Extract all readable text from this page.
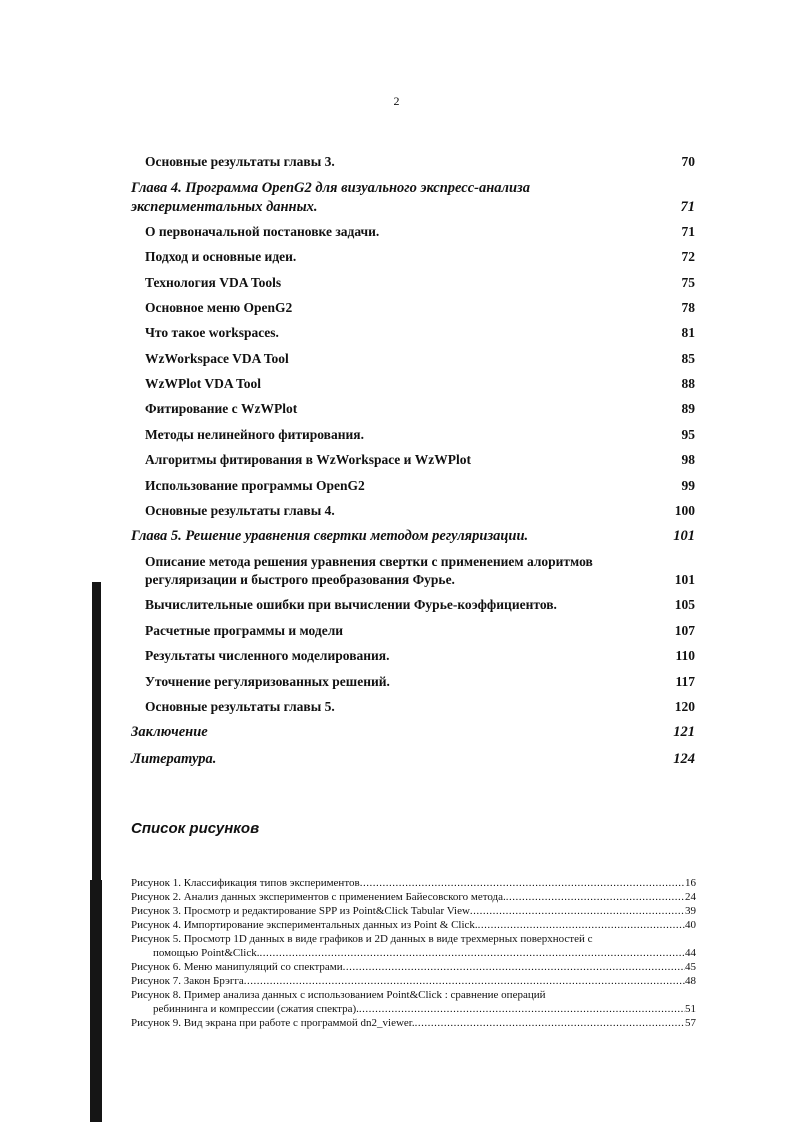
2
Основные результаты главы 3.	70
Глава 4. Программа OpenG2 для визуального экспресс-анализа
экспериментальных данных.	71
О первоначальной постановке задачи.	71
Подход и основные идеи.	72
Технология VDA Tools	75
Основное меню OpenG2	78
Что такое workspaces.	81
WzWorkspace VDA Tool	85
WzWPlot VDA Tool	88
Фитирование с WzWPlot	89
Методы нелинейного фитирования.	95
Алгоритмы фитирования в WzWorkspace и WzWPlot	98
Использование программы OpenG2	99
Основные результаты главы 4.	100
Глава 5. Решение уравнения свертки методом регуляризации.	101
Описание метода решения уравнения свертки с применением алоритмов
регуляризации и быстрого преобразования Фурье.	101
Вычислительные ошибки при вычислении Фурье-коэффициентов.	105
Расчетные программы и модели	107
Результаты численного моделирования.	110
Уточнение регуляризованных решений.	117
Основные результаты главы 5.	120
Заключение	121
Литература.	124
Список рисунков
Рисунок 1. Классификация типов экспериментов .....	16
Рисунок 2. Анализ данных экспериментов с применением Байесовского метода. .....	24
Рисунок 3. Просмотр и редактирование SPP из Point&Click Tabular View .....	39
Рисунок 4. Импортирование экспериментальных данных из Point & Click. .....	40
Рисунок 5. Просмотр 1D данных в виде графиков и 2D данных в виде трехмерных поверхностей с
помощью Point&Click. .....	44
Рисунок 6. Меню манипуляций со спектрами .....	45
Рисунок 7. Закон Брэгга .....	48
Рисунок 8. Пример анализа данных с использованием Point&Click : сравнение операций
ребиннинга и компрессии (сжатия спектра). .....	51
Рисунок 9. Вид экрана при работе с программой dn2_viewer. .....	57
